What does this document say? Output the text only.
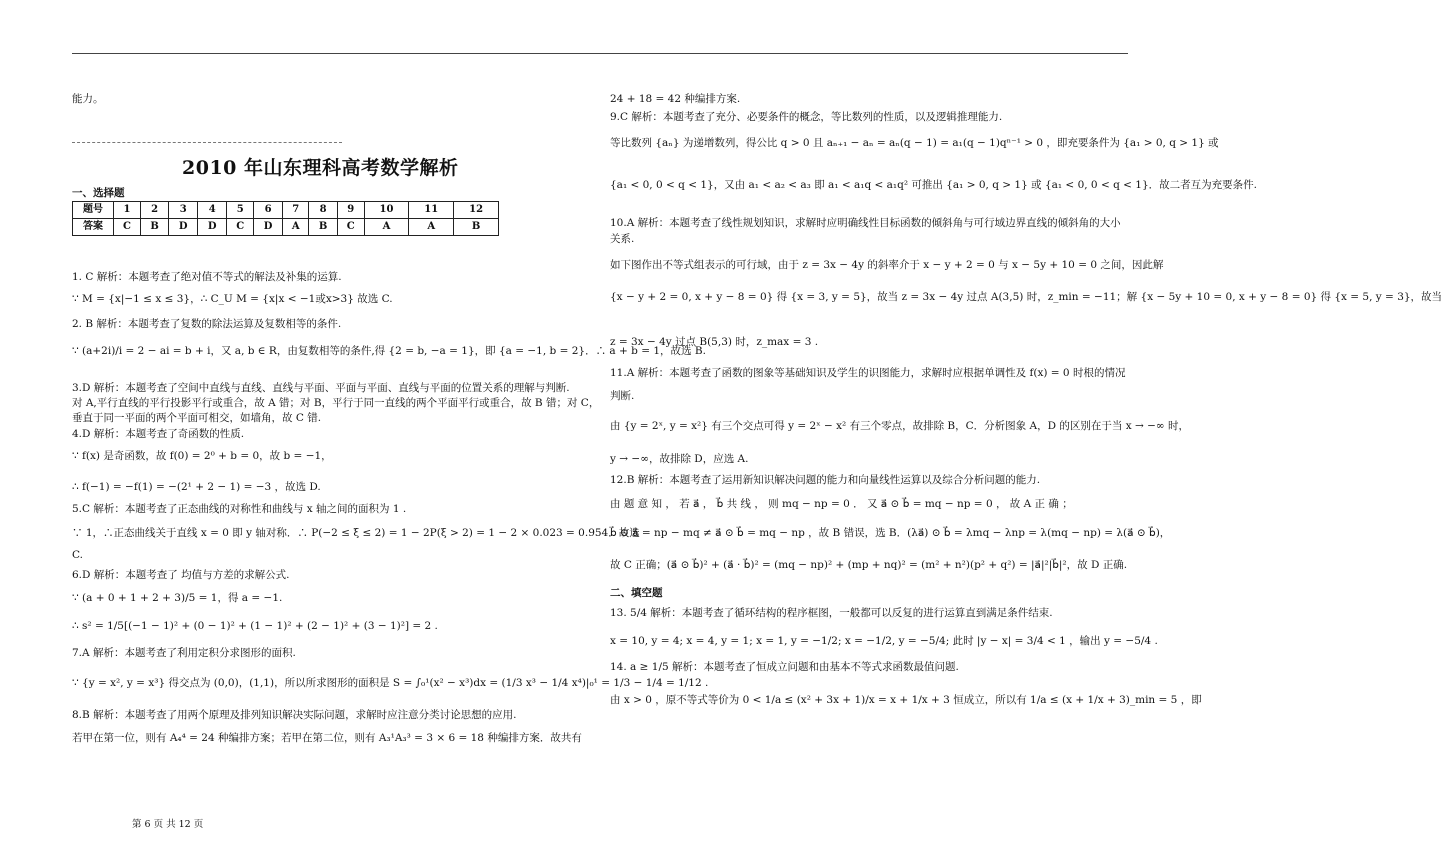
能力。
2010 年山东理科高考数学解析
一、选择题
题号	1	2	3	4	5	6	7	8	9	10	11	12
答案	C	B	D	D	C	D	A	B	C	A	A	B
1. C 解析：本题考查了绝对值不等式的解法及补集的运算.
∵ M = {x|−1 ≤ x ≤ 3}，∴ C_U M = {x|x < −1或x>3} 故选 C.
2. B 解析：本题考查了复数的除法运算及复数相等的条件.
∵ (a+2i)/i = 2 − ai = b + i，又 a, b ∈ R，由复数相等的条件,得 {2 = b, −a = 1}，即 {a = −1, b = 2}．∴ a + b = 1，故选 B.
3.D 解析：本题考查了空间中直线与直线、直线与平面、平面与平面、直线与平面的位置关系的理解与判断.
对 A,平行直线的平行投影平行或重合，故 A 错；对 B，平行于同一直线的两个平面平行或重合，故 B 错；对 C，
垂直于同一平面的两个平面可相交，如墙角，故 C 错.
4.D 解析：本题考查了奇函数的性质.
∵ f(x) 是奇函数，故 f(0) = 2⁰ + b = 0，故 b = −1，
∴ f(−1) = −f(1) = −(2¹ + 2 − 1) = −3 ，故选 D.
5.C 解析：本题考查了正态曲线的对称性和曲线与 x 轴之间的面积为 1 .
∵ 1，∴正态曲线关于直线 x = 0 即 y 轴对称．∴ P(−2 ≤ ξ ≤ 2) = 1 − 2P(ξ > 2) = 1 − 2 × 0.023 = 0.954．故选
C.
6.D 解析：本题考查了 均值与方差的求解公式.
∵ (a + 0 + 1 + 2 + 3)/5 = 1，得 a = −1.
∴ s² = 1/5[(−1 − 1)² + (0 − 1)² + (1 − 1)² + (2 − 1)² + (3 − 1)²] = 2 .
7.A 解析：本题考查了利用定积分求图形的面积.
∵ {y = x², y = x³} 得交点为 (0,0)，(1,1)，所以所求图形的面积是 S = ∫₀¹(x² − x³)dx = (1/3 x³ − 1/4 x⁴)|₀¹ = 1/3 − 1/4 = 1/12 .
8.B 解析：本题考查了用两个原理及排列知识解决实际问题，求解时应注意分类讨论思想的应用.
若甲在第一位，则有 A₄⁴ = 24 种编排方案；若甲在第二位，则有 A₃¹A₃³ = 3 × 6 = 18 种编排方案．故共有
24 + 18 = 42 种编排方案.
9.C 解析：本题考查了充分、必要条件的概念，等比数列的性质，以及逻辑推理能力.
等比数列 {aₙ} 为递增数列，得公比 q > 0 且 aₙ₊₁ − aₙ = aₙ(q − 1) = a₁(q − 1)qⁿ⁻¹ > 0 ，即充要条件为 {a₁ > 0, q > 1} 或
{a₁ < 0, 0 < q < 1}，又由 a₁ < a₂ < a₃ 即 a₁ < a₁q < a₁q² 可推出 {a₁ > 0, q > 1} 或 {a₁ < 0, 0 < q < 1}．故二者互为充要条件.
10.A 解析：本题考查了线性规划知识，求解时应明确线性目标函数的倾斜角与可行域边界直线的倾斜角的大小
关系.
如下图作出不等式组表示的可行域，由于 z = 3x − 4y 的斜率介于 x − y + 2 = 0 与 x − 5y + 10 = 0 之间，因此解
{x − y + 2 = 0, x + y − 8 = 0} 得 {x = 3, y = 5}，故当 z = 3x − 4y 过点 A(3,5) 时，z_min = −11；解 {x − 5y + 10 = 0, x + y − 8 = 0} 得 {x = 5, y = 3}，故当
z = 3x − 4y 过点 B(5,3) 时，z_max = 3 .
11.A 解析：本题考查了函数的图象等基础知识及学生的识图能力，求解时应根据单调性及 f(x) = 0 时根的情况
判断.
由 {y = 2ˣ, y = x²} 有三个交点可得 y = 2ˣ − x² 有三个零点，故排除 B，C．分析图象 A，D 的区别在于当 x → −∞ 时，
y → −∞，故排除 D，应选 A.
12.B 解析：本题考查了运用新知识解决问题的能力和向量线性运算以及综合分析问题的能力.
由 题 意 知 ， 若 a⃗ ， b⃗ 共 线 ， 则 mq − np = 0 ． 又 a⃗ ⊙ b⃗ = mq − np = 0 ， 故 A 正 确 ；
b⃗ ⊙ a⃗ = np − mq ≠ a⃗ ⊙ b⃗ = mq − np ，故 B 错误，选 B．(λa⃗) ⊙ b⃗ = λmq − λnp = λ(mq − np) = λ(a⃗ ⊙ b⃗)，
故 C 正确；(a⃗ ⊙ b⃗)² + (a⃗ · b⃗)² = (mq − np)² + (mp + nq)² = (m² + n²)(p² + q²) = |a⃗|²|b⃗|²，故 D 正确.
二、填空题
13. 5/4 解析：本题考查了循环结构的程序框图，一般都可以反复的进行运算直到满足条件结束.
x = 10, y = 4; x = 4, y = 1; x = 1, y = −1/2; x = −1/2, y = −5/4; 此时 |y − x| = 3/4 < 1 ，输出 y = −5/4 .
14. a ≥ 1/5 解析：本题考查了恒成立问题和由基本不等式求函数最值问题.
由 x > 0 ，原不等式等价为 0 < 1/a ≤ (x² + 3x + 1)/x = x + 1/x + 3 恒成立，所以有 1/a ≤ (x + 1/x + 3)_min = 5 ，即
第 6 页 共 12 页
